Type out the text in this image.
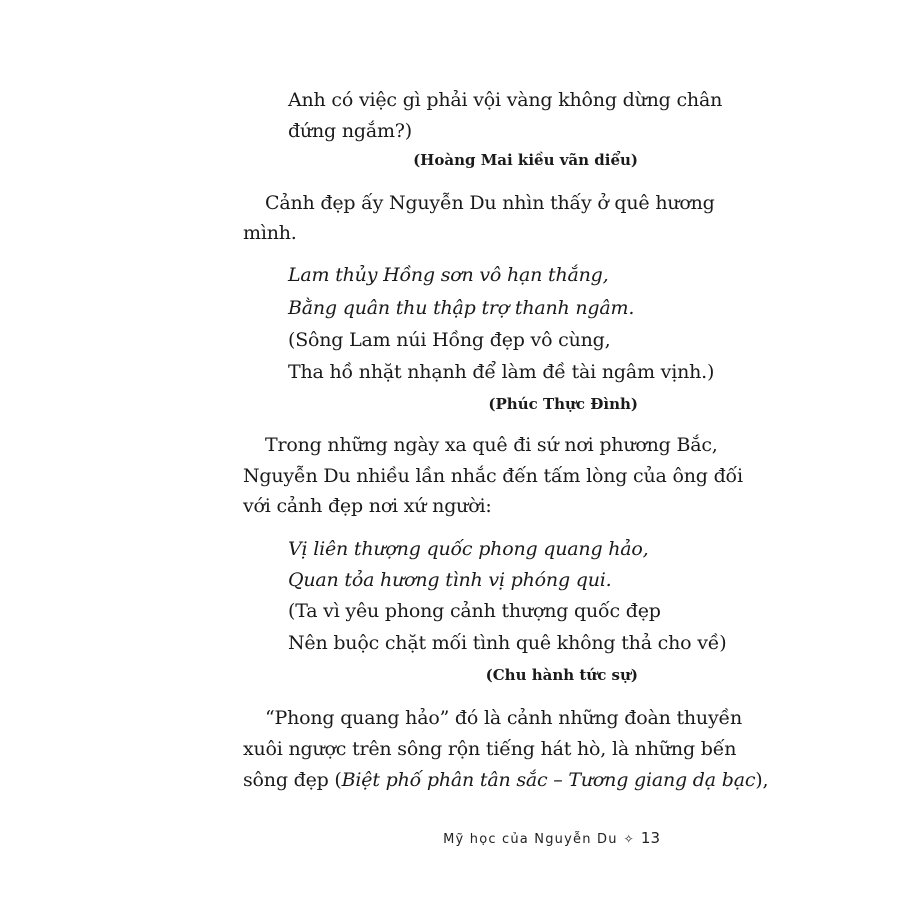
Anh có việc gì phải vội vàng không dừng chân
đứng ngắm?)
(Hoàng Mai kiều vãn diểu)
Cảnh đẹp ấy Nguyễn Du nhìn thấy ở quê hương
mình.
Lam thủy Hồng sơn vô hạn thắng,
Bằng quân thu thập trợ thanh ngâm.
(Sông Lam núi Hồng đẹp vô cùng,
Tha hồ nhặt nhạnh để làm đề tài ngâm vịnh.)
(Phúc Thực Đình)
Trong những ngày xa quê đi sứ nơi phương Bắc,
Nguyễn Du nhiều lần nhắc đến tấm lòng của ông đối
với cảnh đẹp nơi xứ người:
Vị liên thượng quốc phong quang hảo,
Quan tỏa hương tình vị phóng qui.
(Ta vì yêu phong cảnh thượng quốc đẹp
Nên buộc chặt mối tình quê không thả cho về)
(Chu hành tức sự)
“Phong quang hảo” đó là cảnh những đoàn thuyền
xuôi ngược trên sông rộn tiếng hát hò, là những bến
sông đẹp (Biệt phố phân tân sắc – Tương giang dạ bạc),
Mỹ học của Nguyễn Du ✧ 13
